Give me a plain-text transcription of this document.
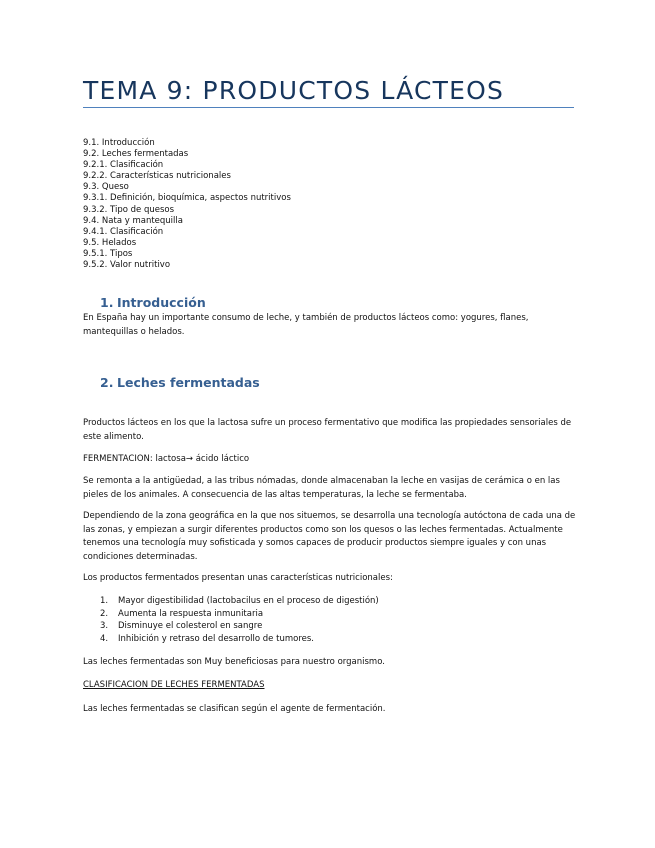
TEMA 9: PRODUCTOS LÁCTEOS
9.1. Introducción
9.2. Leches fermentadas
9.2.1. Clasificación
9.2.2. Características nutricionales
9.3. Queso
9.3.1. Definición, bioquímica, aspectos nutritivos
9.3.2. Tipo de quesos
9.4. Nata y mantequilla
9.4.1. Clasificación
9.5. Helados
9.5.1. Tipos
9.5.2. Valor nutritivo
1. Introducción

En España hay un importante consumo de leche, y también de productos lácteos como: yogures, flanes, mantequillas o helados.

2. Leches fermentadas

Productos lácteos en los que la lactosa sufre un proceso fermentativo que modifica las propiedades sensoriales de este alimento.

FERMENTACION: lactosa→ ácido láctico

Se remonta a la antigüedad, a las tribus nómadas, donde almacenaban la leche en vasijas de cerámica o en las pieles de los animales. A consecuencia de las altas temperaturas, la leche se fermentaba.

Dependiendo de la zona geográfica en la que nos situemos, se desarrolla una tecnología autóctona de cada una de las zonas, y empiezan a surgir diferentes productos como son los quesos o las leches fermentadas. Actualmente tenemos una tecnología muy sofisticada y somos capaces de producir productos siempre iguales y con unas condiciones determinadas.

Los productos fermentados presentan unas características nutricionales:

1. Mayor digestibilidad (lactobacilus en el proceso de digestión)
2. Aumenta la respuesta inmunitaria
3. Disminuye el colesterol en sangre
4. Inhibición y retraso del desarrollo de tumores.

Las leches fermentadas son Muy beneficiosas para nuestro organismo.

CLASIFICACION DE LECHES FERMENTADAS

Las leches fermentadas se clasifican según el agente de fermentación.
